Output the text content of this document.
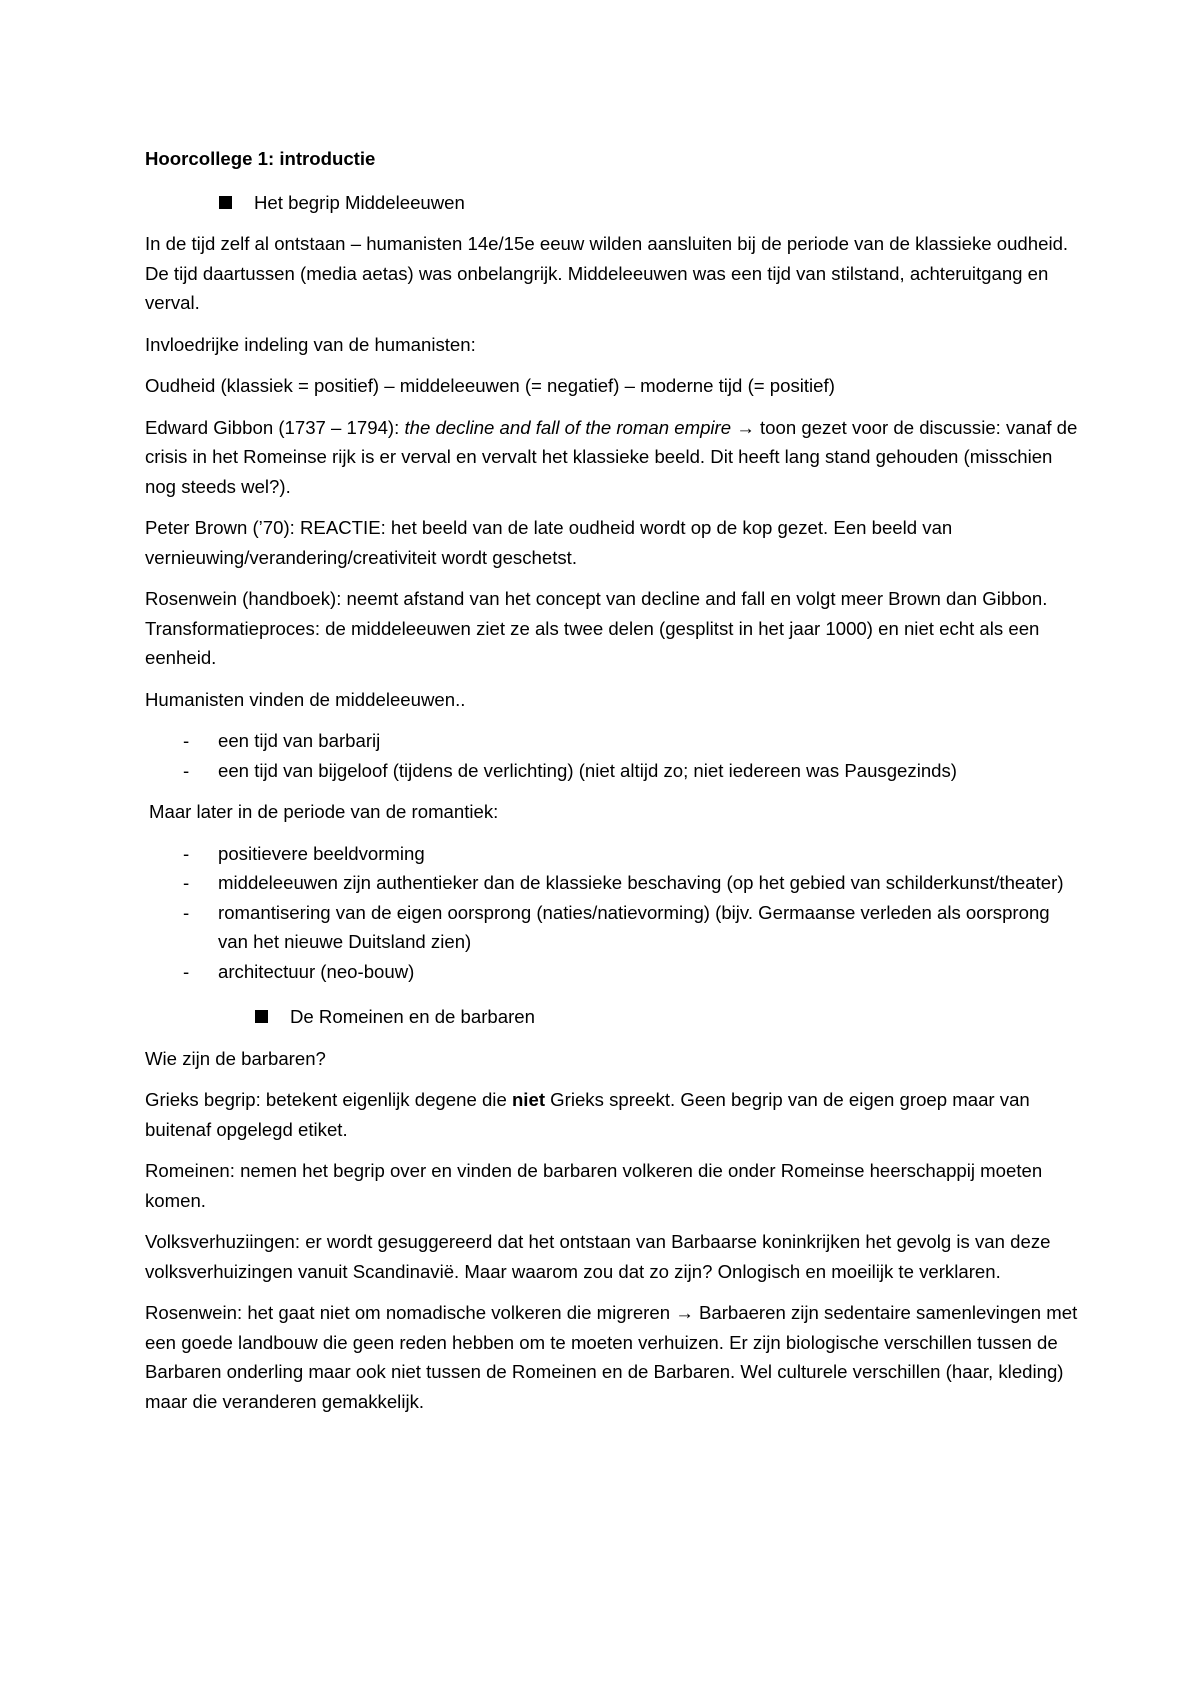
Hoorcollege 1: introductie

Het begrip Middeleeuwen

In de tijd zelf al ontstaan – humanisten 14e/15e eeuw wilden aansluiten bij de periode van de klassieke oudheid. De tijd daartussen (media aetas) was onbelangrijk. Middeleeuwen was een tijd van stilstand, achteruitgang en verval.

Invloedrijke indeling van de humanisten:

Oudheid (klassiek = positief) – middeleeuwen (= negatief) – moderne tijd (= positief)

Edward Gibbon (1737 – 1794): the decline and fall of the roman empire → toon gezet voor de discussie: vanaf de crisis in het Romeinse rijk is er verval en vervalt het klassieke beeld. Dit heeft lang stand gehouden (misschien nog steeds wel?).

Peter Brown (’70): REACTIE: het beeld van de late oudheid wordt op de kop gezet. Een beeld van vernieuwing/verandering/creativiteit wordt geschetst.

Rosenwein (handboek): neemt afstand van het concept van decline and fall en volgt meer Brown dan Gibbon. Transformatieproces: de middeleeuwen ziet ze als twee delen (gesplitst in het jaar 1000) en niet echt als een eenheid.

Humanisten vinden de middeleeuwen..

- een tijd van barbarij
- een tijd van bijgeloof (tijdens de verlichting) (niet altijd zo; niet iedereen was Pausgezinds)

Maar later in de periode van de romantiek:

- positievere beeldvorming
- middeleeuwen zijn authentieker dan de klassieke beschaving (op het gebied van schilderkunst/theater)
- romantisering van de eigen oorsprong (naties/natievorming) (bijv. Germaanse verleden als oorsprong van het nieuwe Duitsland zien)
- architectuur (neo-bouw)
De Romeinen en de barbaren

Wie zijn de barbaren?

Grieks begrip: betekent eigenlijk degene die niet Grieks spreekt. Geen begrip van de eigen groep maar van buitenaf opgelegd etiket.

Romeinen: nemen het begrip over en vinden de barbaren volkeren die onder Romeinse heerschappij moeten komen.

Volksverhuziingen: er wordt gesuggereerd dat het ontstaan van Barbaarse koninkrijken het gevolg is van deze volksverhuizingen vanuit Scandinavië. Maar waarom zou dat zo zijn? Onlogisch en moeilijk te verklaren.

Rosenwein: het gaat niet om nomadische volkeren die migreren → Barbaeren zijn sedentaire samenlevingen met een goede landbouw die geen reden hebben om te moeten verhuizen. Er zijn biologische verschillen tussen de Barbaren onderling maar ook niet tussen de Romeinen en de Barbaren. Wel culturele verschillen (haar, kleding) maar die veranderen gemakkelijk.
